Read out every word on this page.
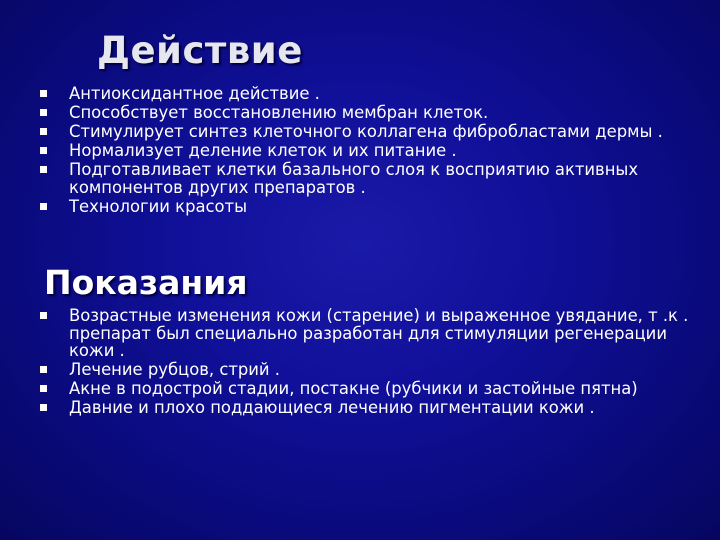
Действие
Антиоксидантное действие .
Способствует восстановлению мембран клеток.
Стимулирует синтез клеточного коллагена фибробластами дермы .
Нормализует деление клеток и их питание .
Подготавливает клетки базального слоя к восприятию активных компонентов других препаратов .
Технологии красоты
Показания
Возрастные изменения кожи (старение) и выраженное увядание, т .к . препарат был специально разработан для стимуляции регенерации кожи .
Лечение рубцов, стрий .
Акне в подострой стадии, постакне (рубчики и застойные пятна)
Давние и плохо поддающиеся лечению пигментации кожи .
